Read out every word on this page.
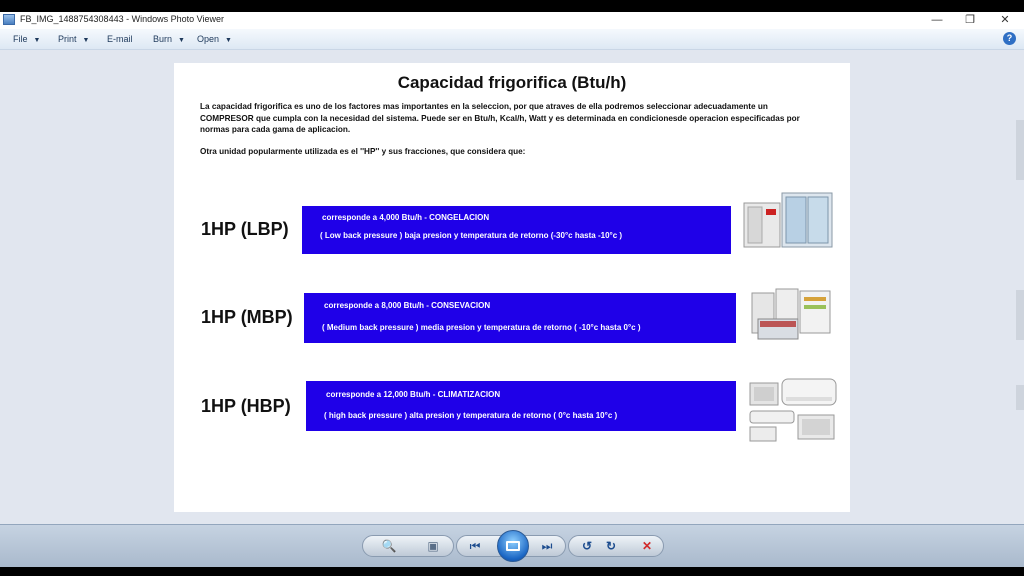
FB_IMG_1488754308443 - Windows Photo Viewer	—	❐	✕
File ▼ Print ▼ E-mail Burn ▼ Open ▼	?
Capacidad frigorifica (Btu/h)
La capacidad frigorifica es uno de los factores mas importantes en la seleccion, por que atraves de ella podremos seleccionar adecuadamente un COMPRESOR que cumpla con la necesidad del sistema. Puede ser en Btu/h, Kcal/h, Watt y es determinada en condicionesde operacion especificadas por normas para cada gama de aplicacion.
Otra unidad popularmente utilizada es el ''HP'' y sus fracciones, que considera que:
1HP (LBP)
corresponde a 4,000 Btu/h - CONGELACION
( Low back pressure ) baja presion y temperatura de retorno (-30°c hasta -10°c )
1HP (MBP)
corresponde a 8,000 Btu/h - CONSEVACION
( Medium back pressure ) media presion y temperatura de retorno ( -10°c hasta 0°c )
1HP (HBP)
corresponde a 12,000 Btu/h - CLIMATIZACION
( high back pressure ) alta presion y temperatura de retorno ( 0°c hasta 10°c )
🔍	▣	⏮	⏭	↺	↻	✕
